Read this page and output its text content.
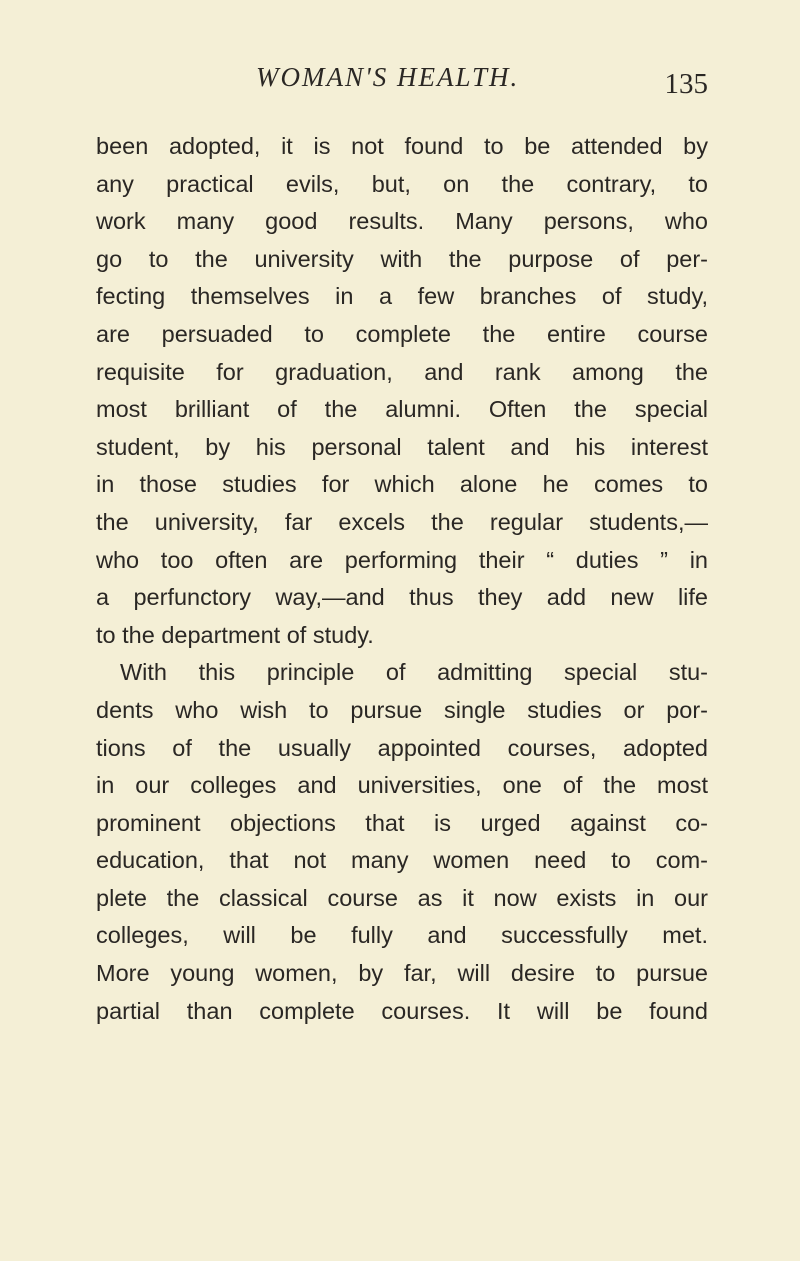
WOMAN'S HEALTH.	135
been adopted, it is not found to be attended by
any practical evils, but, on the contrary, to
work many good results. Many persons, who
go to the university with the purpose of per-
fecting themselves in a few branches of study,
are persuaded to complete the entire course
requisite for graduation, and rank among the
most brilliant of the alumni. Often the special
student, by his personal talent and his interest
in those studies for which alone he comes to
the university, far excels the regular students,—
who too often are performing their “ duties ” in
a perfunctory way,—and thus they add new life
to the department of study.
With this principle of admitting special stu-
dents who wish to pursue single studies or por-
tions of the usually appointed courses, adopted
in our colleges and universities, one of the most
prominent objections that is urged against co-
education, that not many women need to com-
plete the classical course as it now exists in our
colleges, will be fully and successfully met.
More young women, by far, will desire to pursue
partial than complete courses. It will be found
